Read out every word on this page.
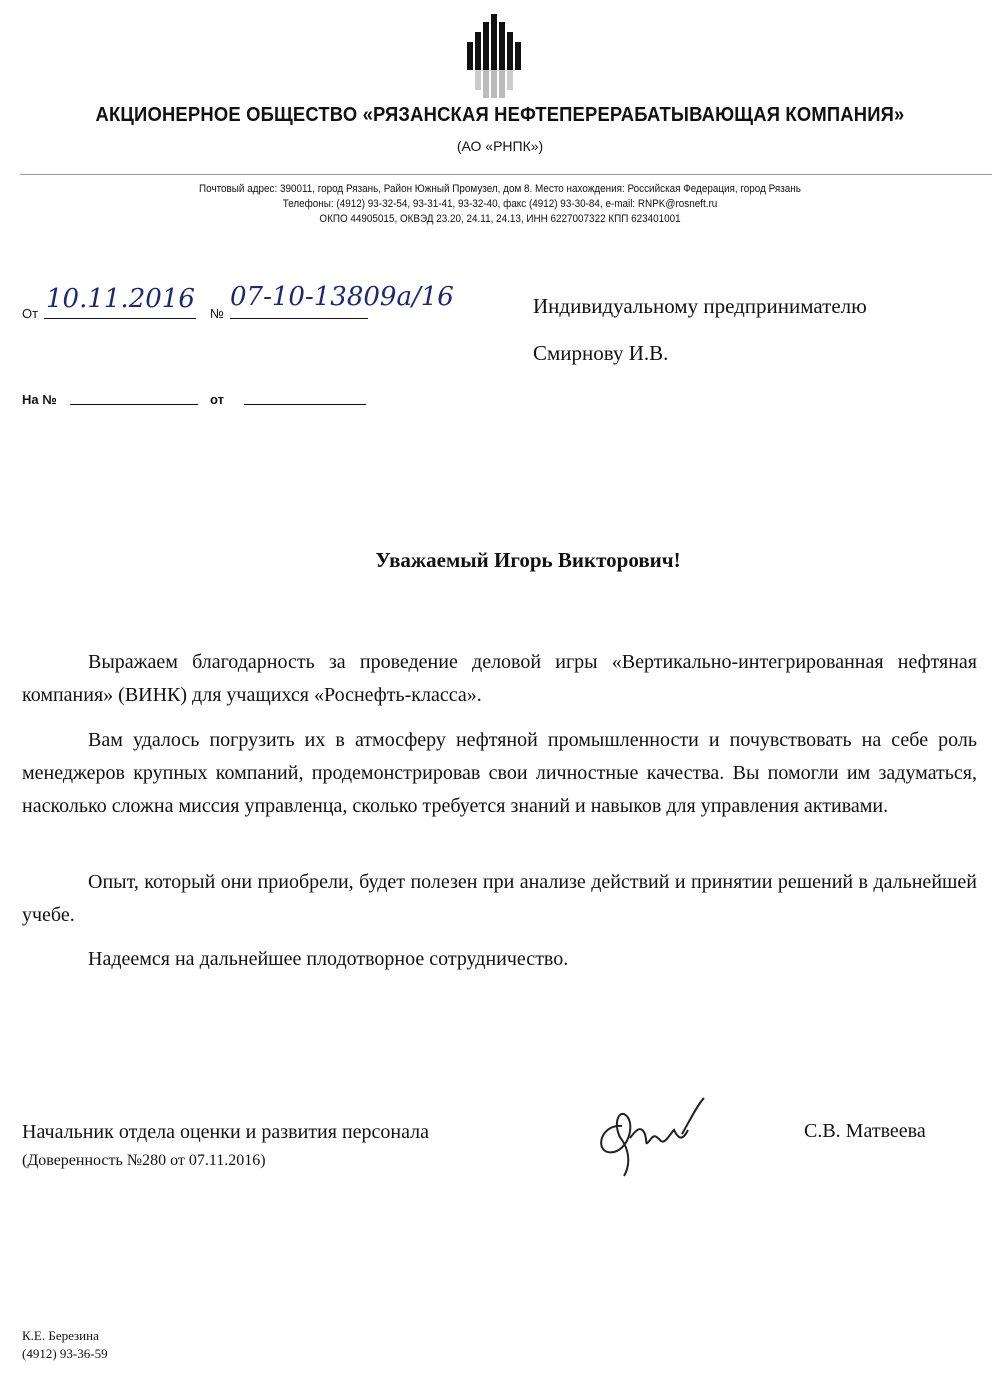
АКЦИОНЕРНОЕ ОБЩЕСТВО «РЯЗАНСКАЯ НЕФТЕПЕРЕРАБАТЫВАЮЩАЯ КОМПАНИЯ»
(АО «РНПК»)
Почтовый адрес: 390011, город Рязань, Район Южный Промузел, дом 8. Место нахождения: Российская Федерация, город Рязань
Телефоны: (4912) 93-32-54, 93-31-41, 93-32-40, факс (4912) 93-30-84, e-mail: RNPK@rosneft.ru
ОКПО 44905015, ОКВЭД 23.20, 24.11, 24.13, ИНН 6227007322 КПП 623401001
От 10.11.2016 №
07-10-13809а/16
На №	от
Индивидуальному предпринимателю
Смирнову И.В.
Уважаемый Игорь Викторович!
Выражаем благодарность за проведение деловой игры «Вертикально-интегрированная нефтяная компания» (ВИНК) для учащихся «Роснефть-класса».
Вам удалось погрузить их в атмосферу нефтяной промышленности и почувствовать на себе роль менеджеров крупных компаний, продемонстрировав свои личностные качества. Вы помогли им задуматься, насколько сложна миссия управленца, сколько требуется знаний и навыков для управления активами.
Опыт, который они приобрели, будет полезен при анализе действий и принятии решений в дальнейшей учебе.
Надеемся на дальнейшее плодотворное сотрудничество.
Начальник отдела оценки и развития персонала
(Доверенность №280 от 07.11.2016)
С.В. Матвеева
К.Е. Березина
(4912) 93-36-59
